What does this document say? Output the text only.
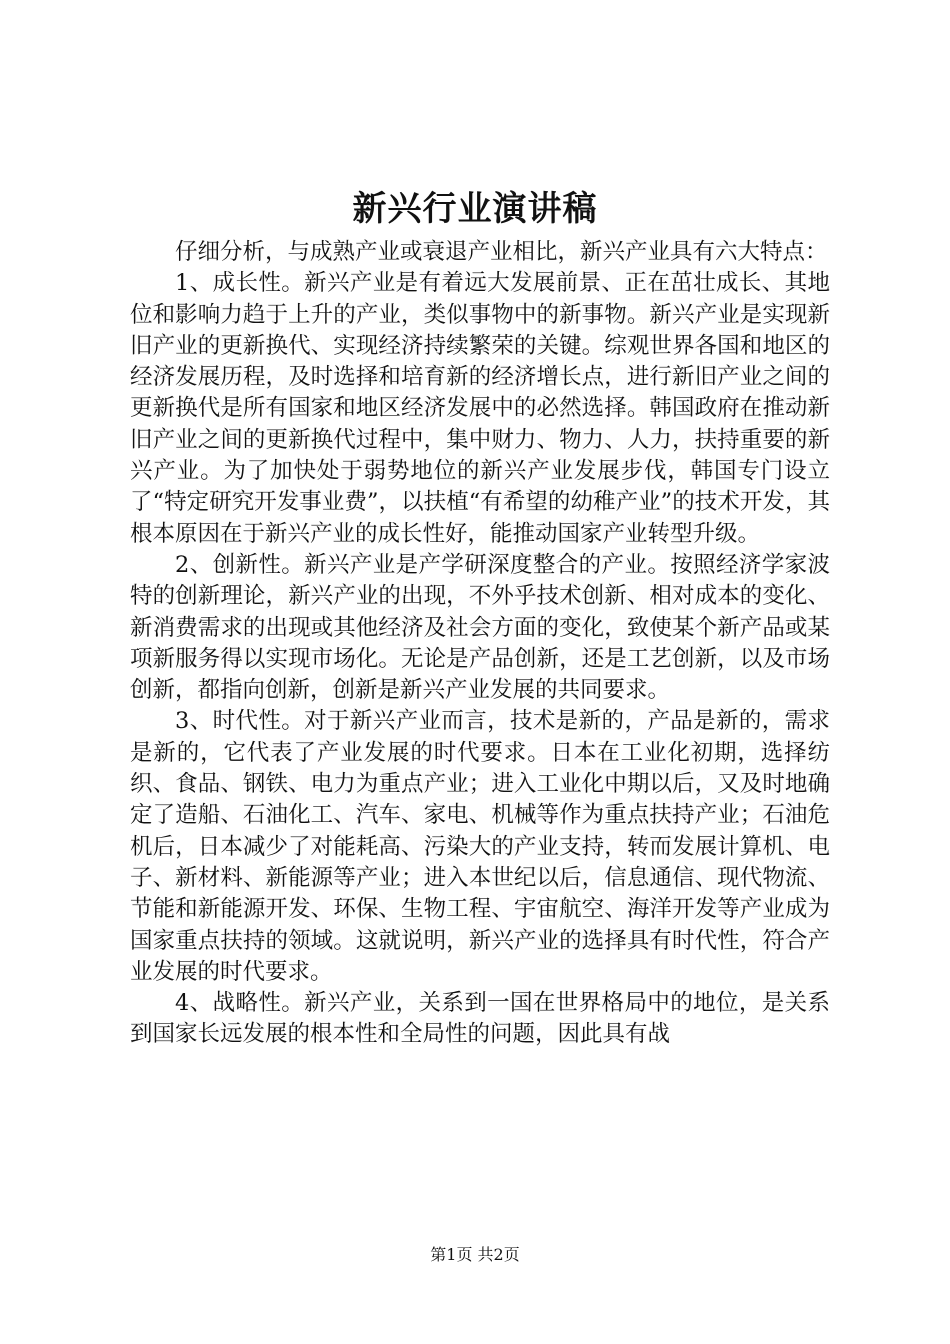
新兴行业演讲稿

仔细分析，与成熟产业或衰退产业相比，新兴产业具有六大特点：

1、成长性。新兴产业是有着远大发展前景、正在茁壮成长、其地位和影响力趋于上升的产业，类似事物中的新事物。新兴产业是实现新旧产业的更新换代、实现经济持续繁荣的关键。综观世界各国和地区的经济发展历程，及时选择和培育新的经济增长点，进行新旧产业之间的更新换代是所有国家和地区经济发展中的必然选择。韩国政府在推动新旧产业之间的更新换代过程中，集中财力、物力、人力，扶持重要的新兴产业。为了加快处于弱势地位的新兴产业发展步伐，韩国专门设立了“特定研究开发事业费”，以扶植“有希望的幼稚产业”的技术开发，其根本原因在于新兴产业的成长性好，能推动国家产业转型升级。

2、创新性。新兴产业是产学研深度整合的产业。按照经济学家波特的创新理论，新兴产业的出现，不外乎技术创新、相对成本的变化、新消费需求的出现或其他经济及社会方面的变化，致使某个新产品或某项新服务得以实现市场化。无论是产品创新，还是工艺创新，以及市场创新，都指向创新，创新是新兴产业发展的共同要求。

3、时代性。对于新兴产业而言，技术是新的，产品是新的，需求是新的，它代表了产业发展的时代要求。日本在工业化初期，选择纺织、食品、钢铁、电力为重点产业；进入工业化中期以后，又及时地确定了造船、石油化工、汽车、家电、机械等作为重点扶持产业；石油危机后，日本减少了对能耗高、污染大的产业支持，转而发展计算机、电子、新材料、新能源等产业；进入本世纪以后，信息通信、现代物流、节能和新能源开发、环保、生物工程、宇宙航空、海洋开发等产业成为国家重点扶持的领域。这就说明，新兴产业的选择具有时代性，符合产业发展的时代要求。

4、战略性。新兴产业，关系到一国在世界格局中的地位，是关系到国家长远发展的根本性和全局性的问题，因此具有战

第1页 共2页
